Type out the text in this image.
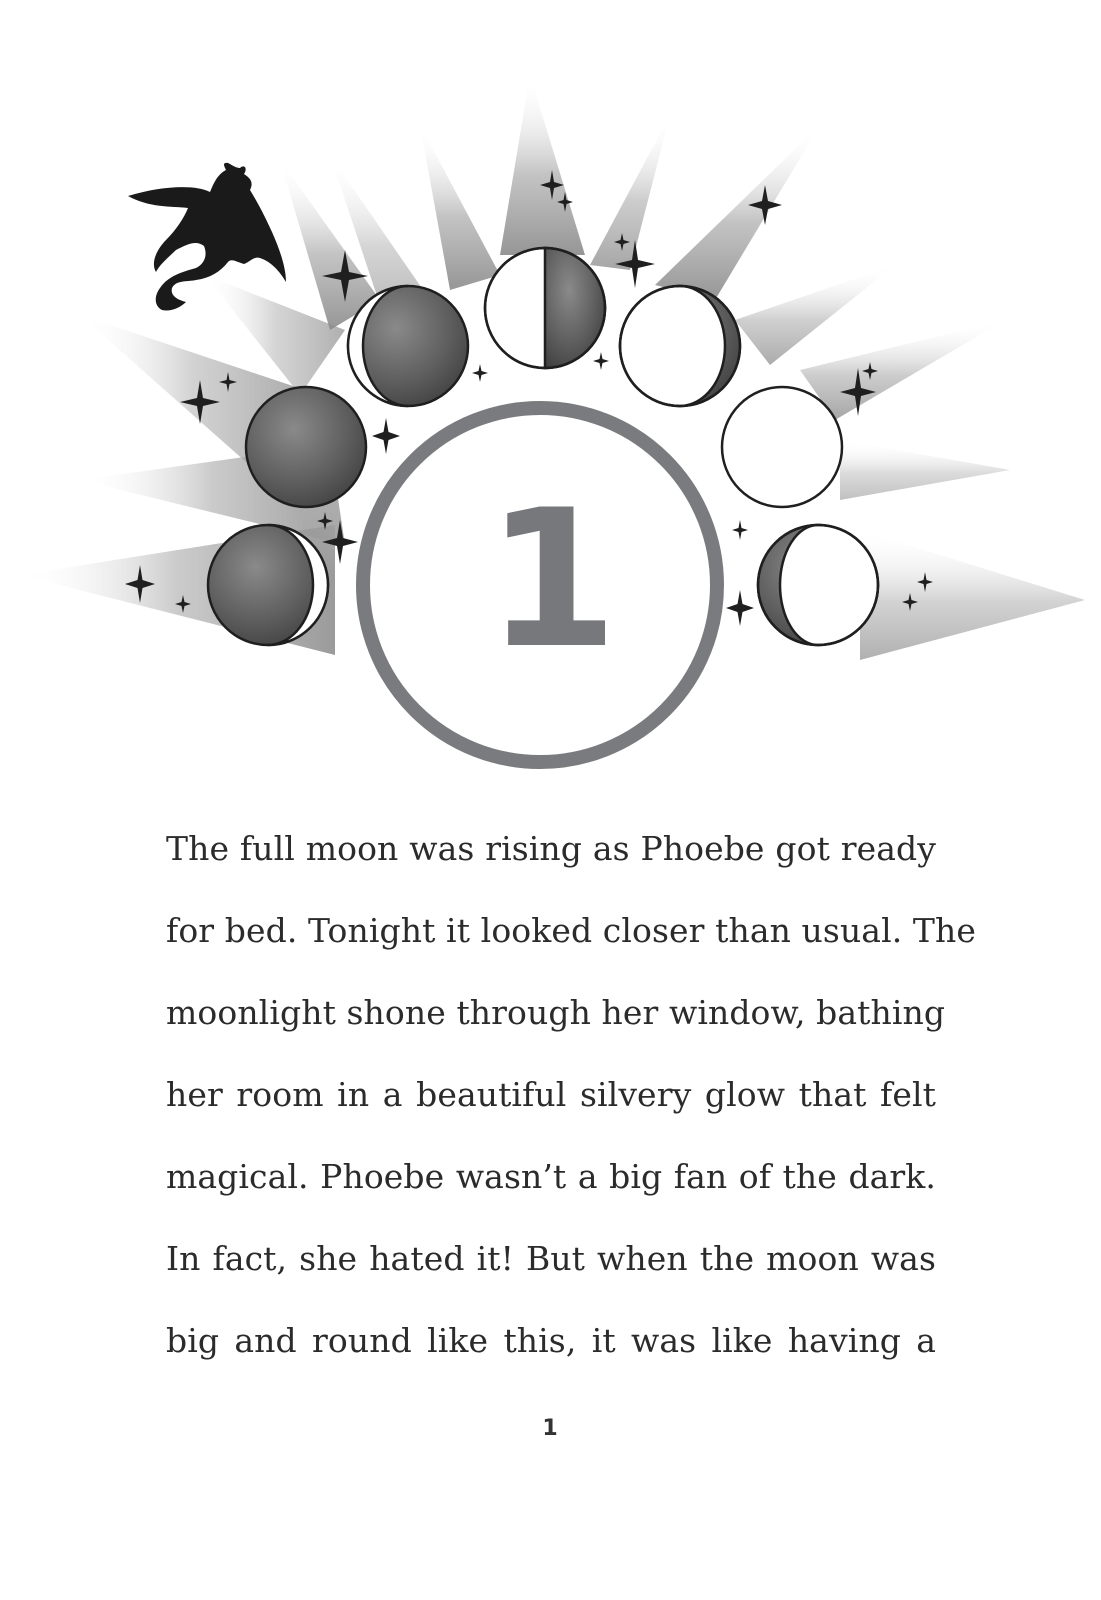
1
The full moon was rising as Phoebe got ready
for bed. Tonight it looked closer than usual. The
moonlight shone through her window, bathing
her room in a beautiful silvery glow that felt
magical. Phoebe wasn’t a big fan of the dark.
In fact, she hated it! But when the moon was
big and round like this, it was like having a
1
